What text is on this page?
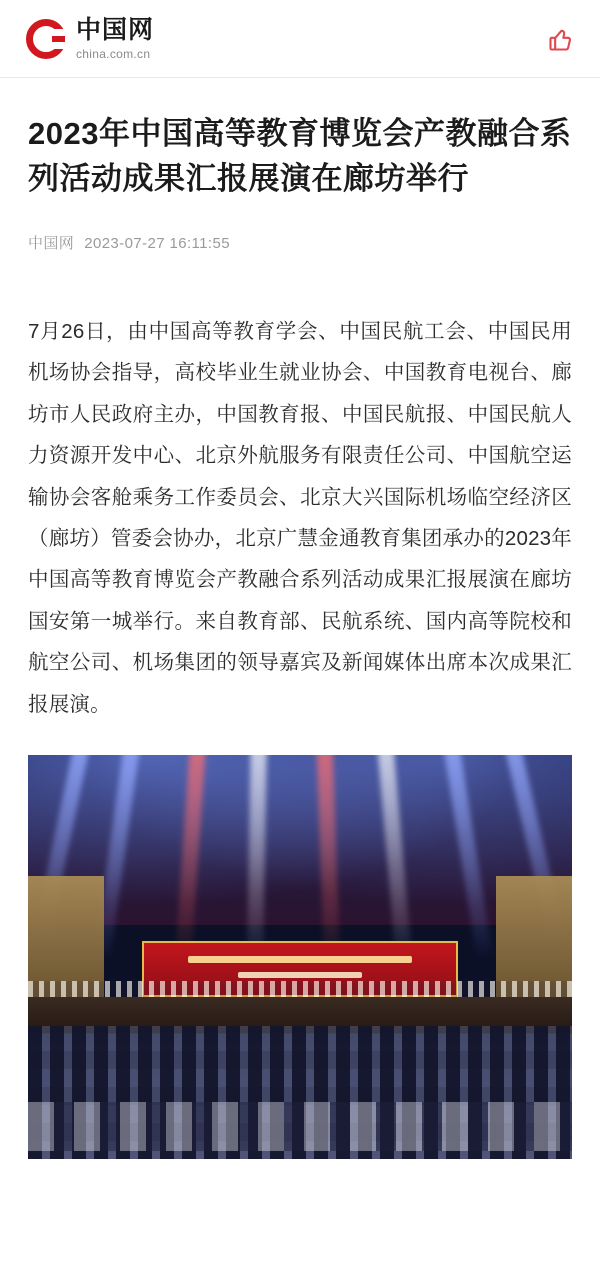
中国网
china.com.cn
2023年中国高等教育博览会产教融合系列活动成果汇报展演在廊坊举行
中国网 2023-07-27 16:11:55

7月26日，由中国高等教育学会、中国民航工会、中国民用机场协会指导，高校毕业生就业协会、中国教育电视台、廊坊市人民政府主办，中国教育报、中国民航报、中国民航人力资源开发中心、北京外航服务有限责任公司、中国航空运输协会客舱乘务工作委员会、北京大兴国际机场临空经济区（廊坊）管委会协办，北京广慧金通教育集团承办的2023年中国高等教育博览会产教融合系列活动成果汇报展演在廊坊国安第一城举行。来自教育部、民航系统、国内高等院校和航空公司、机场集团的领导嘉宾及新闻媒体出席本次成果汇报展演。
